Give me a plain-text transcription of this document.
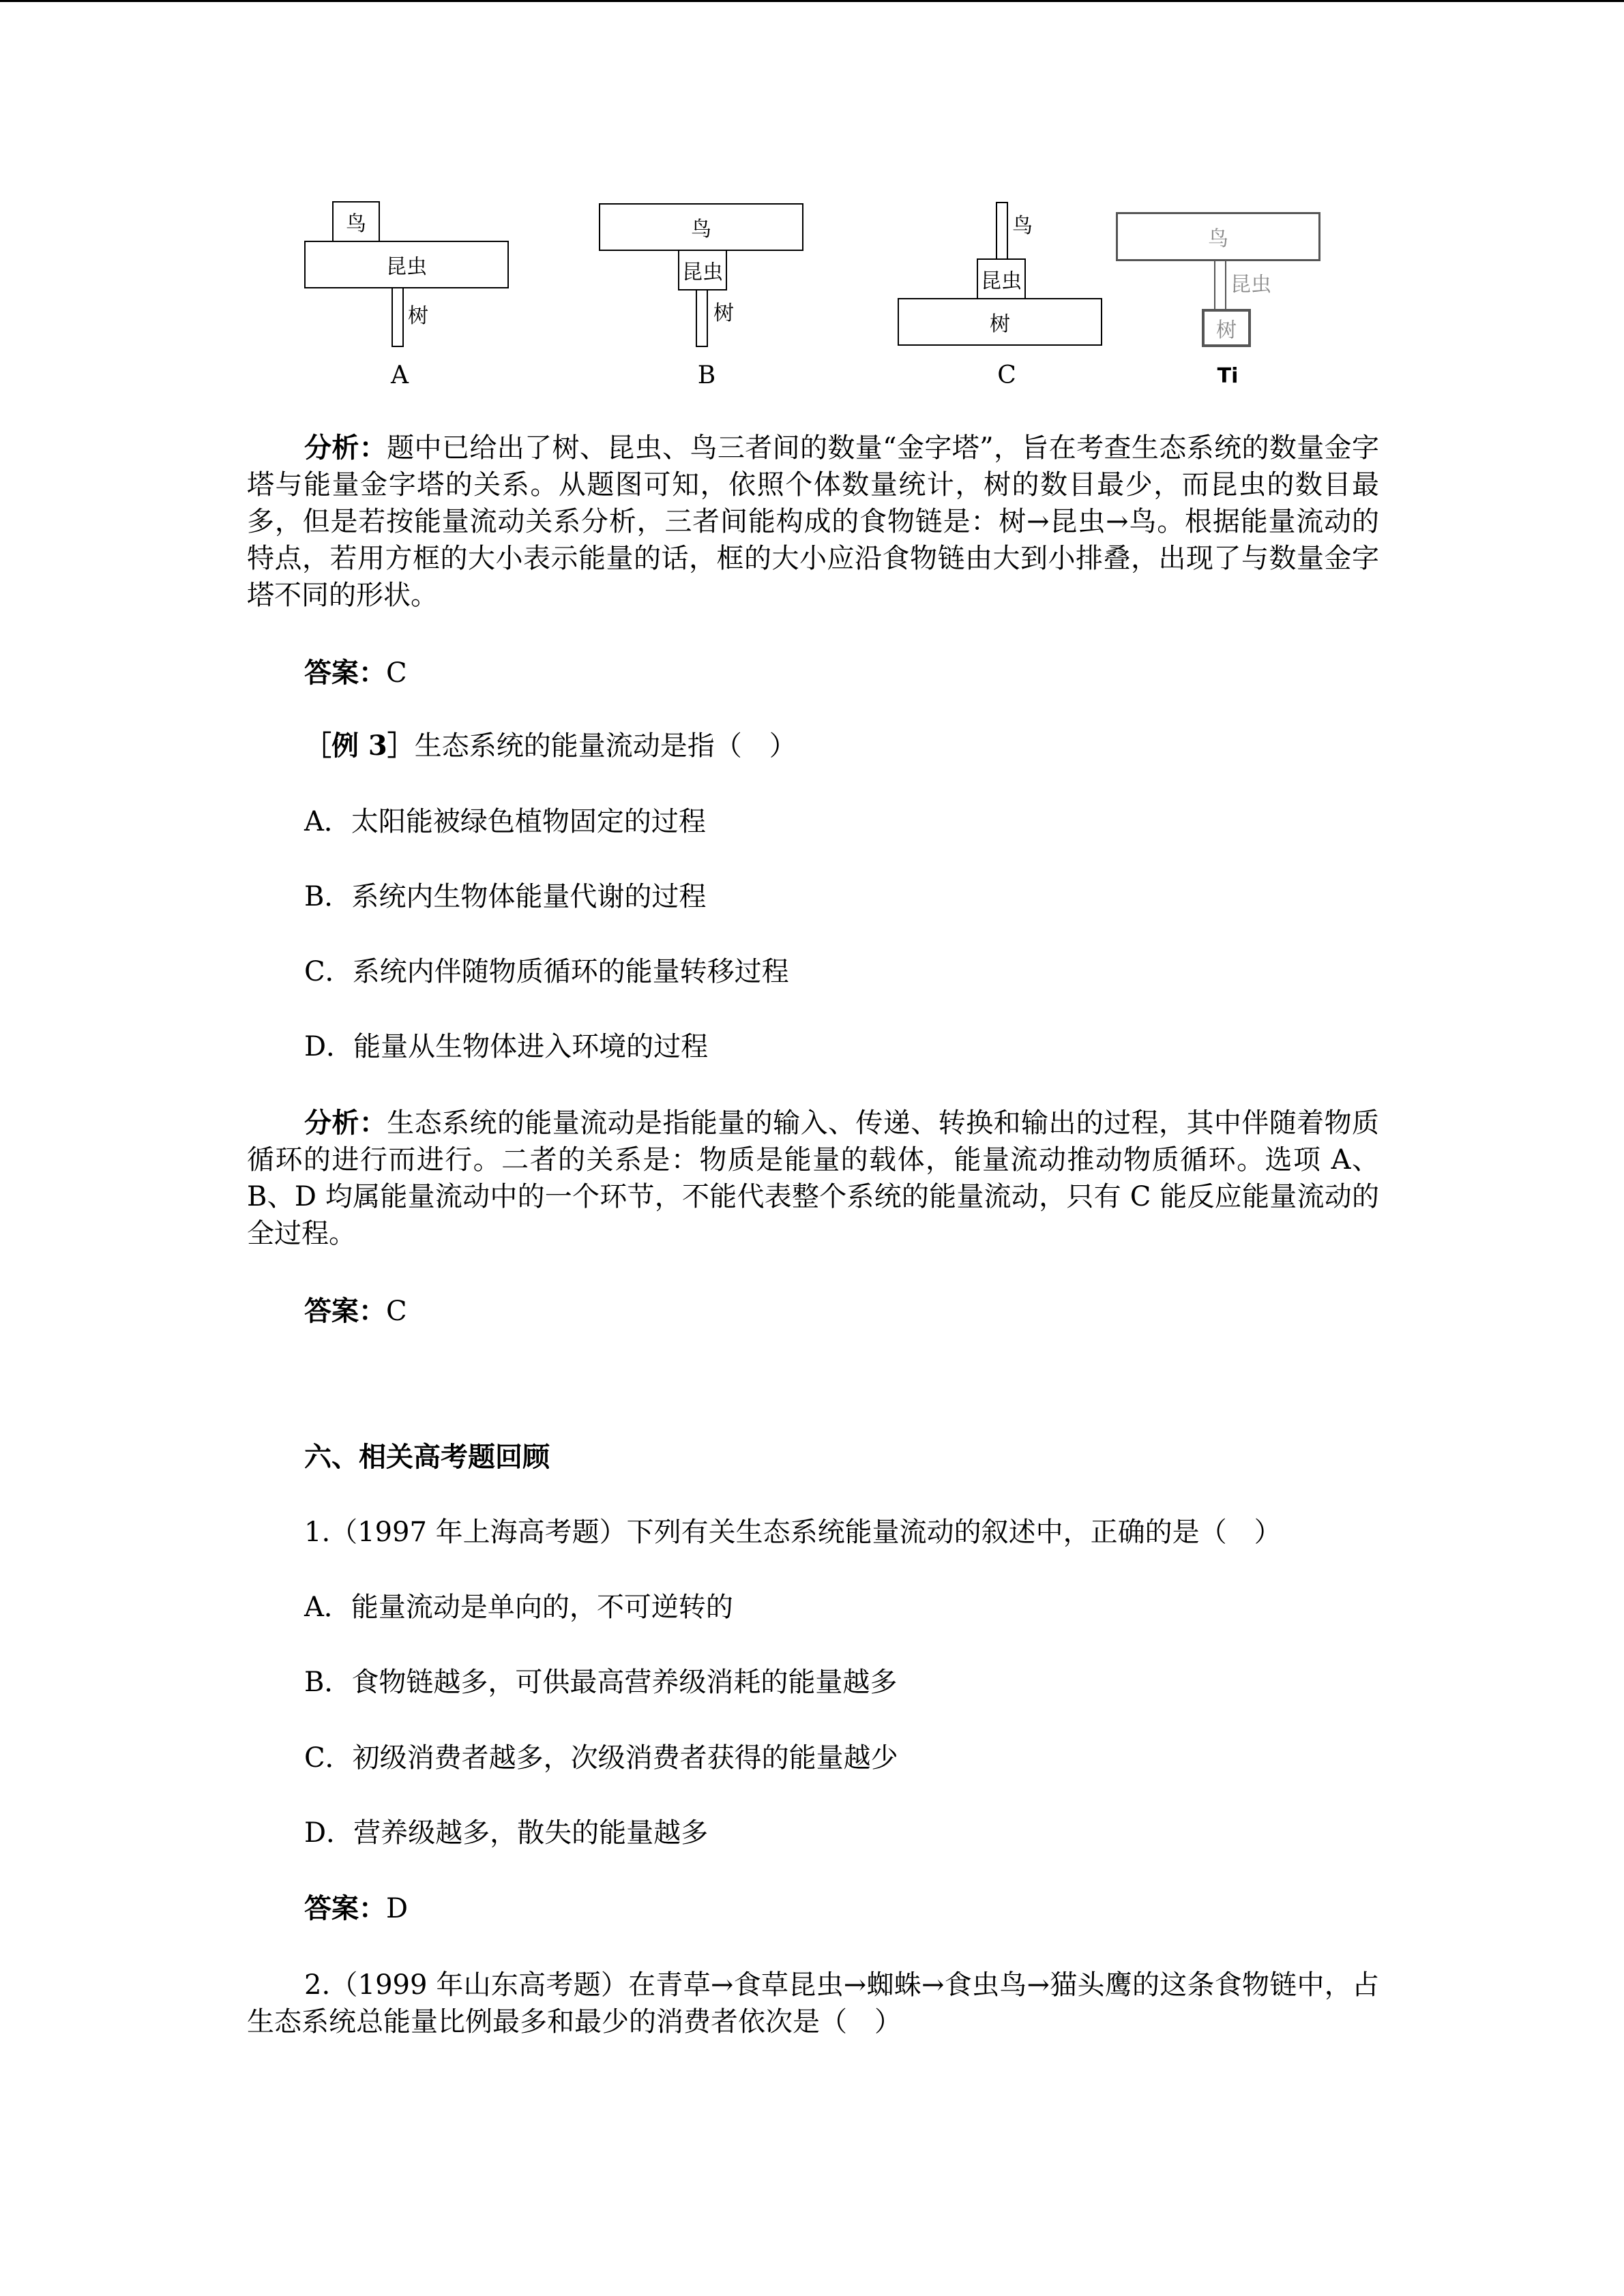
鸟
昆虫
树
A
鸟
昆虫
树
B
鸟
昆虫
树
C
鸟
昆虫
树
Ti

分析：题中已给出了树、昆虫、鸟三者间的数量“金字塔”，旨在考查生态系统的数量金字塔与能量金字塔的关系。从题图可知，依照个体数量统计，树的数目最少，而昆虫的数目最多，但是若按能量流动关系分析，三者间能构成的食物链是：树→昆虫→鸟。根据能量流动的特点，若用方框的大小表示能量的话，框的大小应沿食物链由大到小排叠，出现了与数量金字塔不同的形状。

答案：C
［例 3］生态系统的能量流动是指（　）
A．太阳能被绿色植物固定的过程
B．系统内生物体能量代谢的过程
C．系统内伴随物质循环的能量转移过程
D．能量从生物体进入环境的过程

分析：生态系统的能量流动是指能量的输入、传递、转换和输出的过程，其中伴随着物质循环的进行而进行。二者的关系是：物质是能量的载体，能量流动推动物质循环。选项 A、B、D 均属能量流动中的一个环节，不能代表整个系统的能量流动，只有 C 能反应能量流动的全过程。

答案：C
六、相关高考题回顾
1.（1997 年上海高考题）下列有关生态系统能量流动的叙述中，正确的是（　）
A．能量流动是单向的，不可逆转的
B．食物链越多，可供最高营养级消耗的能量越多
C．初级消费者越多，次级消费者获得的能量越少
D．营养级越多，散失的能量越多
答案：D

2.（1999 年山东高考题）在青草→食草昆虫→蜘蛛→食虫鸟→猫头鹰的这条食物链中，占生态系统总能量比例最多和最少的消费者依次是（　）
